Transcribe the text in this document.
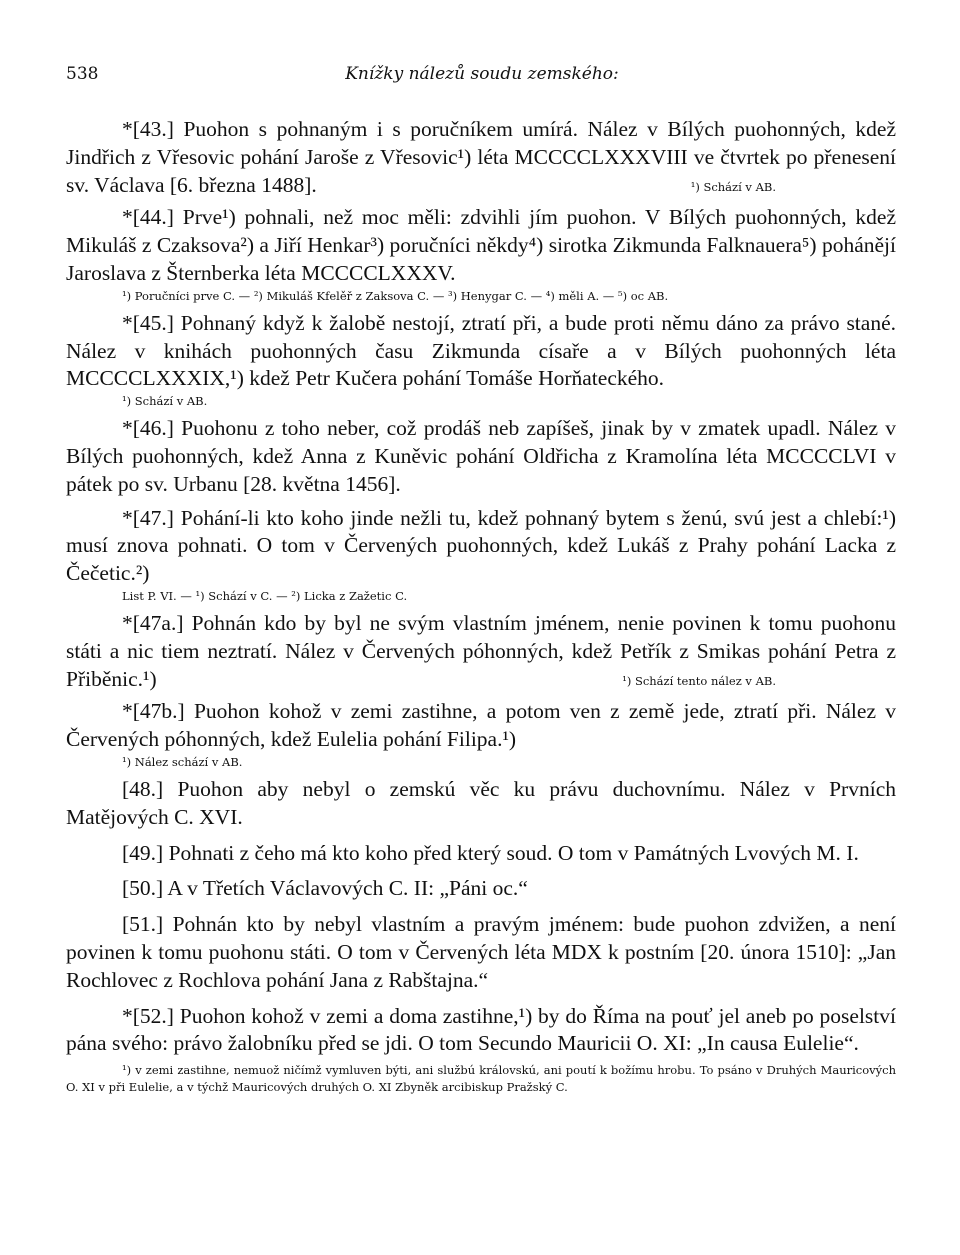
538	Knížky nálezů soudu zemského:

*[43.] Puohon s pohnaným i s poručníkem umírá. Nález v Bílých puohonných, kdež Jindřich z Vřesovic pohání Jaroše z Vřesovic¹) léta MCCCCLXXXVIII ve čtvrtek po přenesení sv. Václava [6. března 1488].	¹) Schází v AB.

*[44.] Prve¹) pohnali, než moc měli: zdvihli jím puohon. V Bílých puohonných, kdež Mikuláš z Czaksova²) a Jiří Henkar³) poručníci někdy⁴) sirotka Zikmunda Falknauera⁵) pohánějí Jaroslava z Šternberka léta MCCCCLXXXV.

¹) Poručníci prve C. — ²) Mikuláš Kfelěř z Zaksova C. — ³) Henygar C. — ⁴) měli A. — ⁵) oc AB.

*[45.] Pohnaný když k žalobě nestojí, ztratí při, a bude proti němu dáno za právo stané. Nález v knihách puohonných času Zikmunda císaře a v Bílých puohonných léta MCCCCLXXXIX,¹) kdež Petr Kučera pohání Tomáše Horňateckého.

¹) Schází v AB.

*[46.] Puohonu z toho neber, což prodáš neb zapíšeš, jinak by v zmatek upadl. Nález v Bílých puohonných, kdež Anna z Kuněvic pohání Oldřicha z Kramolína léta MCCCCLVI v pátek po sv. Urbanu [28. května 1456].

*[47.] Pohání-li kto koho jinde nežli tu, kdež pohnaný bytem s ženú, svú jest a chlebí:¹) musí znova pohnati. O tom v Červených puohonných, kdež Lukáš z Prahy pohání Lacka z Čečetic.²)

List P. VI. — ¹) Schází v C. — ²) Licka z Zažetic C.

*[47a.] Pohnán kdo by byl ne svým vlastním jménem, nenie povinen k tomu puohonu státi a nic tiem neztratí. Nález v Červených póhonných, kdež Petřík z Smikas pohání Petra z Přiběnic.¹)	¹) Schází tento nález v AB.

*[47b.] Puohon kohož v zemi zastihne, a potom ven z země jede, ztratí při. Nález v Červených póhonných, kdež Eulelia pohání Filipa.¹)

¹) Nález schází v AB.

[48.] Puohon aby nebyl o zemskú věc ku právu duchovnímu. Nález v Prvních Matějových C. XVI.

[49.] Pohnati z čeho má kto koho před který soud. O tom v Památných Lvových M. I.

[50.] A v Třetích Václavových C. II: „Páni oc.“

[51.] Pohnán kto by nebyl vlastním a pravým jménem: bude puohon zdvižen, a není povinen k tomu puohonu státi. O tom v Červených léta MDX k postním [20. února 1510]: „Jan Rochlovec z Rochlova pohání Jana z Rabštajna.“

*[52.] Puohon kohož v zemi a doma zastihne,¹) by do Říma na pouť jel aneb po poselství pána svého: právo žalobníku před se jdi. O tom Secundo Mauricii O. XI: „In causa Eulelie“.

¹) v zemi zastihne, nemuož ničímž vymluven býti, ani službú královskú, ani poutí k božímu hrobu. To psáno v Druhých Mauricových O. XI v při Eulelie, a v týchž Mauricových druhých O. XI Zbyněk arcibiskup Pražský C.
